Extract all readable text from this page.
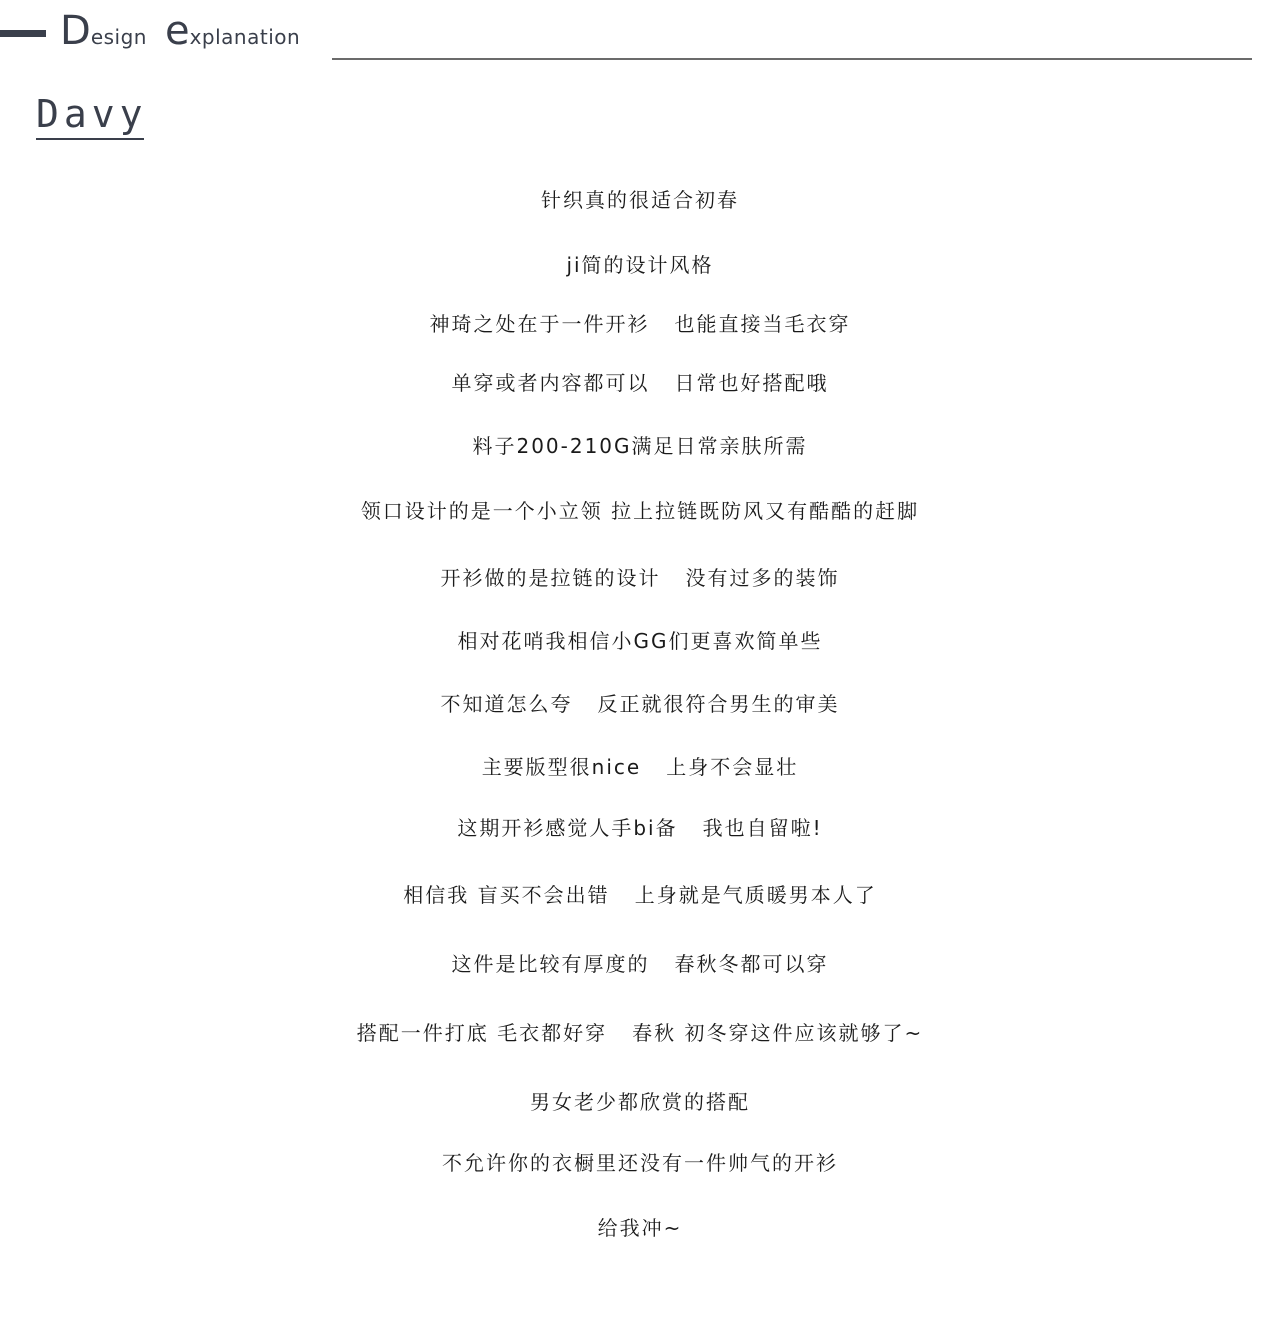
Design explanation
Davy
针织真的很适合初春
ji简的设计风格
神琦之处在于一件开衫   也能直接当毛衣穿
单穿或者内容都可以   日常也好搭配哦
料子200-210G满足日常亲肤所需
领口设计的是一个小立领 拉上拉链既防风又有酷酷的赶脚
开衫做的是拉链的设计   没有过多的装饰
相对花哨我相信小GG们更喜欢简单些
不知道怎么夸   反正就很符合男生的审美
主要版型很nice   上身不会显壮
这期开衫感觉人手bi备   我也自留啦!
相信我 盲买不会出错   上身就是气质暖男本人了
这件是比较有厚度的   春秋冬都可以穿
搭配一件打底 毛衣都好穿   春秋 初冬穿这件应该就够了~
男女老少都欣赏的搭配
不允许你的衣橱里还没有一件帅气的开衫
给我冲~
